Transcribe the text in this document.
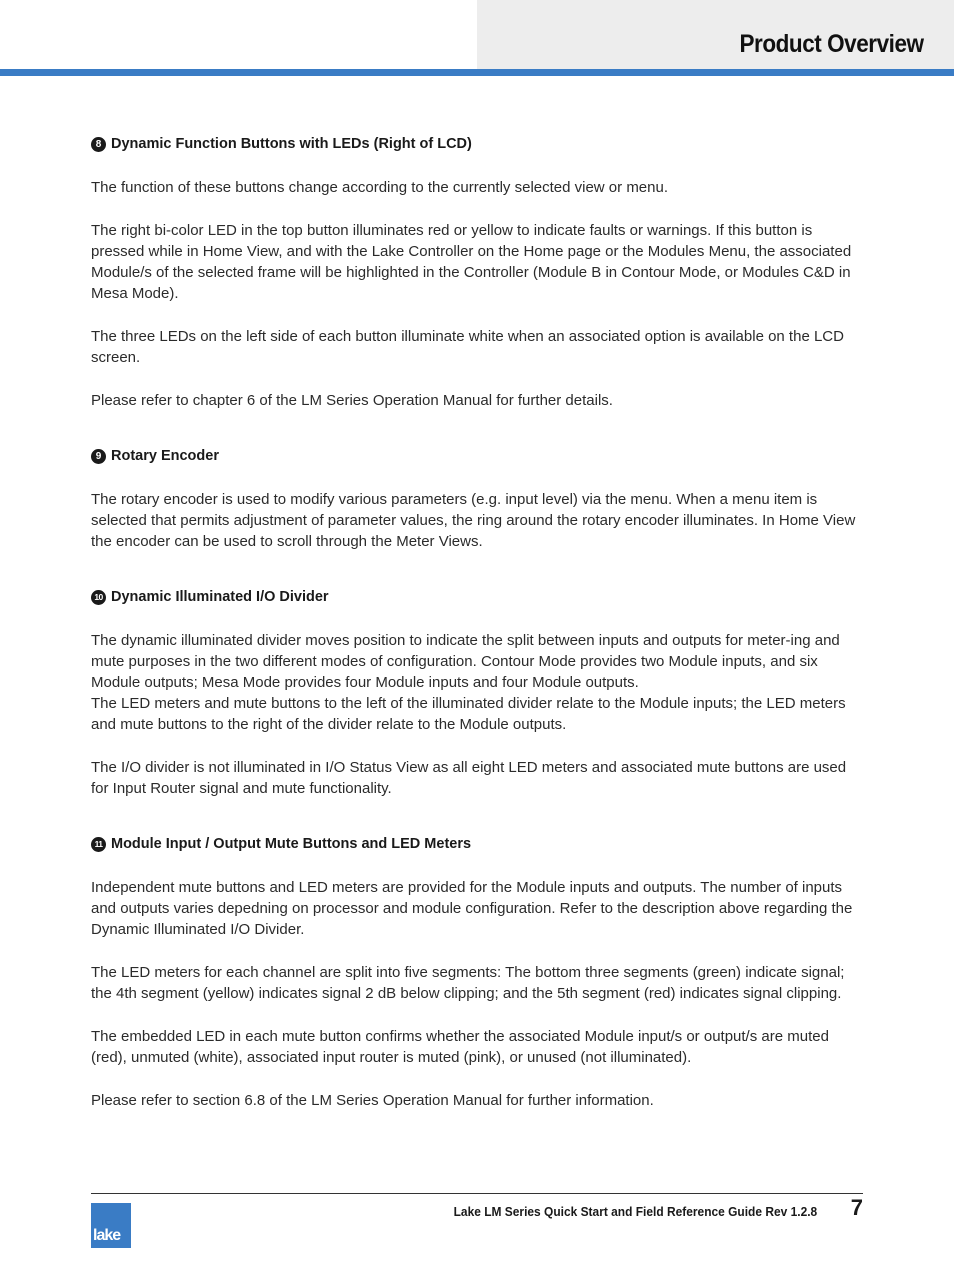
Product Overview
8 Dynamic Function Buttons with LEDs (Right of LCD)

The function of these buttons change according to the currently selected view or menu.

The right bi-color LED in the top button illuminates red or yellow to indicate faults or warnings. If this button is pressed while in Home View, and with the Lake Controller on the Home page or the Modules Menu, the associated Module/s of the selected frame will be highlighted in the Controller (Module B in Contour Mode, or Modules C&D in Mesa Mode).

The three LEDs on the left side of each button illuminate white when an associated option is available on the LCD screen.

Please refer to chapter 6 of the LM Series Operation Manual for further details.

9 Rotary Encoder

The rotary encoder is used to modify various parameters (e.g. input level) via the menu. When a menu item is selected that permits adjustment of parameter values, the ring around the rotary encoder illuminates. In Home View the encoder can be used to scroll through the Meter Views.

10 Dynamic Illuminated I/O Divider

The dynamic illuminated divider moves position to indicate the split between inputs and outputs for meter-ing and mute purposes in the two different modes of configuration. Contour Mode provides two Module inputs, and six Module outputs; Mesa Mode provides four Module inputs and four Module outputs.

The LED meters and mute buttons to the left of the illuminated divider relate to the Module inputs; the LED meters and mute buttons to the right of the divider relate to the Module outputs.

The I/O divider is not illuminated in I/O Status View as all eight LED meters and associated mute buttons are used for Input Router signal and mute functionality.

11 Module Input / Output Mute Buttons and LED Meters

Independent mute buttons and LED meters are provided for the Module inputs and outputs. The number of inputs and outputs varies depedning on processor and module configuration. Refer to the description above regarding the Dynamic Illuminated I/O Divider.

The LED meters for each channel are split into five segments: The bottom three segments (green) indicate signal; the 4th segment (yellow) indicates signal 2 dB below clipping; and the 5th segment (red) indicates signal clipping.

The embedded LED in each mute button confirms whether the associated Module input/s or output/s are muted (red), unmuted (white), associated input router is muted (pink), or unused (not illuminated).

Please refer to section 6.8 of the LM Series Operation Manual for further information.

lake
Lake LM Series Quick Start and Field Reference Guide Rev 1.2.8 7
